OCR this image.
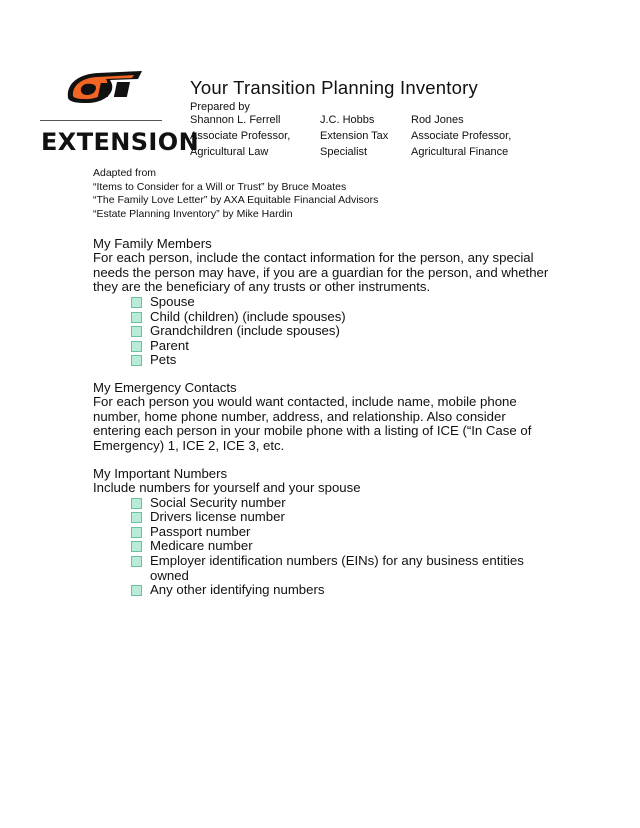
EXTENSION
Your Transition Planning Inventory
Prepared by
Shannon L. Ferrell
Associate Professor,
Agricultural Law
J.C. Hobbs
Extension Tax
Specialist
Rod Jones
Associate Professor,
Agricultural Finance
Adapted from
“Items to Consider for a Will or Trust” by Bruce Moates
“The Family Love Letter” by AXA Equitable Financial Advisors
“Estate Planning Inventory” by Mike Hardin
My Family Members

For each person, include the contact information for the person, any special needs the person may have, if you are a guardian for the person, and whether they are the beneficiary of any trusts or other instruments.

Spouse
Child (children) (include spouses)
Grandchildren (include spouses)
Parent
Pets
My Emergency Contacts

For each person you would want contacted, include name, mobile phone number, home phone number, address, and relationship. Also consider entering each person in your mobile phone with a listing of ICE (“In Case of Emergency) 1, ICE 2, ICE 3, etc.

My Important Numbers

Include numbers for yourself and your spouse

Social Security number
Drivers license number
Passport number
Medicare number
Employer identification numbers (EINs) for any business entities owned
Any other identifying numbers
